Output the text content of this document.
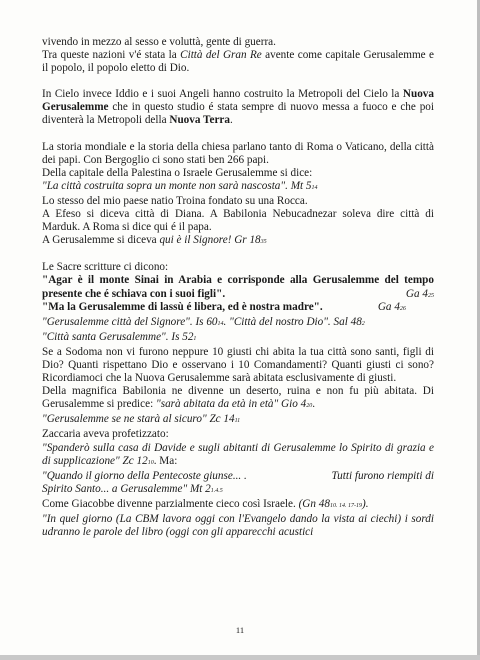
vivendo in mezzo al sesso e voluttà, gente di guerra.

Tra queste nazioni v'é stata la Città del Gran Re avente come capitale Gerusalemme e il popolo, il popolo eletto di Dio.

In Cielo invece Iddio e i suoi Angeli hanno costruito la Metropoli del Cielo la Nuova Gerusalemme che in questo studio é stata sempre di nuovo messa a fuoco e che poi diventerà la Metropoli della Nuova Terra.

La storia mondiale e la storia della chiesa parlano tanto di Roma o Vaticano, della città dei papi. Con Bergoglio ci sono stati ben 266 papi.

Della capitale della Palestina o Israele Gerusalemme si dice:

"La città costruita sopra un monte non sarà nascosta". Mt 514

Lo stesso del mio paese natio Troina fondato su una Rocca.

A Efeso si diceva città di Diana. A Babilonia Nebucadnezar soleva dire città di Marduk. A Roma si dice qui é il papa.

A Gerusalemme si diceva qui è il Signore! Gr 1835

Le Sacre scritture ci dicono:

"Agar è il monte Sinai in Arabia e corrisponde alla Gerusalemme del tempo presente che é schiava con i suoi figli".	Ga 425

"Ma la Gerusalemme di lassù é libera, ed è nostra madre".	Ga 426

"Gerusalemme città del Signore". Is 6014. "Città del nostro Dio". Sal 482

"Città santa Gerusalemme". Is 521

Se a Sodoma non vi furono neppure 10 giusti chi abita la tua città sono santi, figli di Dio? Quanti rispettano Dio e osservano i 10 Comandamenti? Quanti giusti ci sono? Ricordiamoci che la Nuova Gerusalemme sarà abitata esclusivamente di giusti.

Della magnifica Babilonia ne divenne un deserto, ruina e non fu più abitata. Di Gerusalemme si predice: "sarà abitata da età in età" Gio 420.

"Gerusalemme se ne starà al sicuro" Zc 1411

Zaccaria aveva profetizzato:

"Spanderò sulla casa di Davide e sugli abitanti di Gerusalemme lo Spirito di grazia e di supplicazione" Zc 1210. Ma:

"Quando il giorno della Pentecoste giunse... .	Tutti furono riempiti di

Spirito Santo... a Gerusalemme" Mt 21.4.5

Come Giacobbe divenne parzialmente cieco così Israele. (Gn 4810. 14. 17-19).

"In quel giorno (La CBM lavora oggi con l'Evangelo dando la vista ai ciechi) i sordi udranno le parole del libro (oggi con gli apparecchi acustici

11
